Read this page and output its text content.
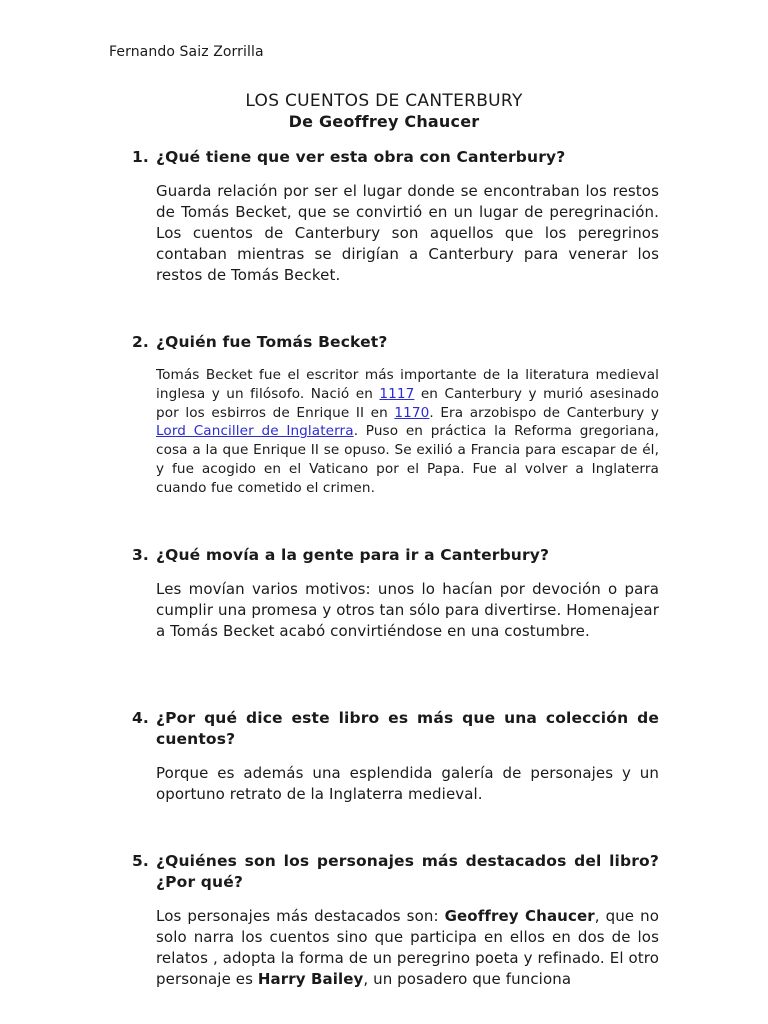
Fernando Saiz Zorrilla
LOS CUENTOS DE CANTERBURY
De Geoffrey Chaucer
1. ¿Qué tiene que ver esta obra con Canterbury?
Guarda relación por ser el lugar donde se encontraban los restos de Tomás Becket, que se convirtió en un lugar de peregrinación. Los cuentos de Canterbury son aquellos que los peregrinos contaban mientras se dirigían a Canterbury para venerar los restos de Tomás Becket.
2. ¿Quién fue Tomás Becket?
Tomás Becket fue el escritor más importante de la literatura medieval inglesa y un filósofo. Nació en 1117 en Canterbury y murió asesinado por los esbirros de Enrique II en 1170. Era arzobispo de Canterbury y Lord Canciller de Inglaterra. Puso en práctica la Reforma gregoriana, cosa a la que Enrique II se opuso. Se exilió a Francia para escapar de él, y fue acogido en el Vaticano por el Papa. Fue al volver a Inglaterra cuando fue cometido el crimen.
3. ¿Qué movía a la gente para ir a Canterbury?
Les movían varios motivos: unos lo hacían por devoción o para cumplir una promesa y otros tan sólo para divertirse. Homenajear a Tomás Becket acabó convirtiéndose en una costumbre.
4. ¿Por qué dice este libro es más que una colección de cuentos?
Porque es además una esplendida galería de personajes y un oportuno retrato de la Inglaterra medieval.
5. ¿Quiénes son los personajes más destacados del libro? ¿Por qué?
Los personajes más destacados son: Geoffrey Chaucer, que no solo narra los cuentos sino que participa en ellos en dos de los relatos , adopta la forma de un peregrino poeta y refinado. El otro personaje es Harry Bailey, un posadero que funciona
